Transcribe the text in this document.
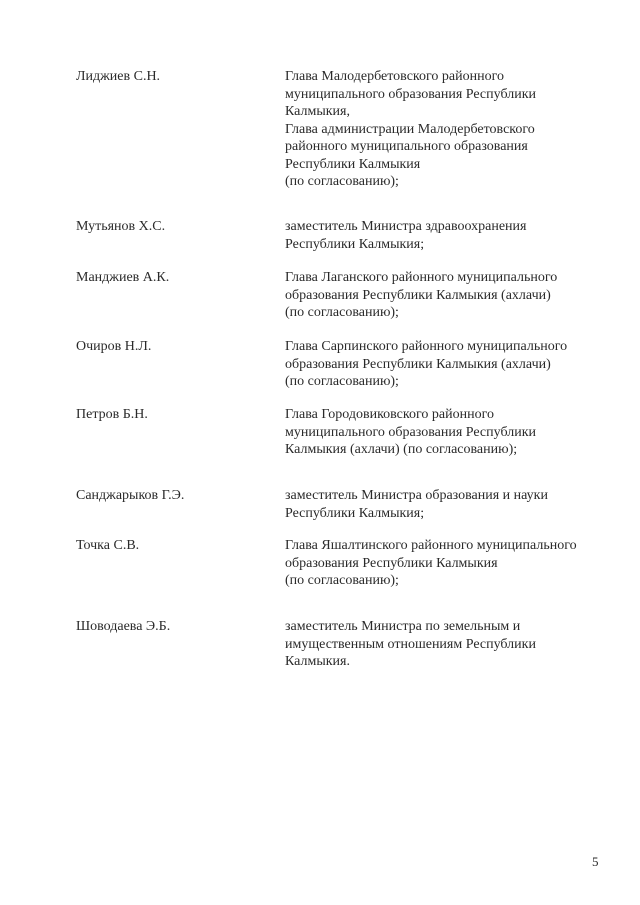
Лиджиев С.Н.	Глава Малодербетовского районного
муниципального образования Республики
Калмыкия,
Глава администрации Малодербетовского
районного муниципального образования
Республики Калмыкия
(по согласованию);
Мутьянов Х.С.	заместитель Министра здравоохранения
Республики Калмыкия;
Манджиев А.К.	Глава Лаганского районного муниципального
образования Республики Калмыкия (ахлачи)
(по согласованию);
Очиров Н.Л.	Глава Сарпинского районного муниципального
образования Республики Калмыкия (ахлачи)
(по согласованию);
Петров Б.Н.	Глава Городовиковского районного
муниципального образования Республики
Калмыкия (ахлачи) (по согласованию);
Санджарыков Г.Э.	заместитель Министра образования и науки
Республики Калмыкия;
Точка С.В.	Глава Яшалтинского районного муниципального
образования Республики Калмыкия
(по согласованию);
Шоводаева Э.Б.	заместитель Министра по земельным и
имущественным отношениям Республики
Калмыкия.
5
